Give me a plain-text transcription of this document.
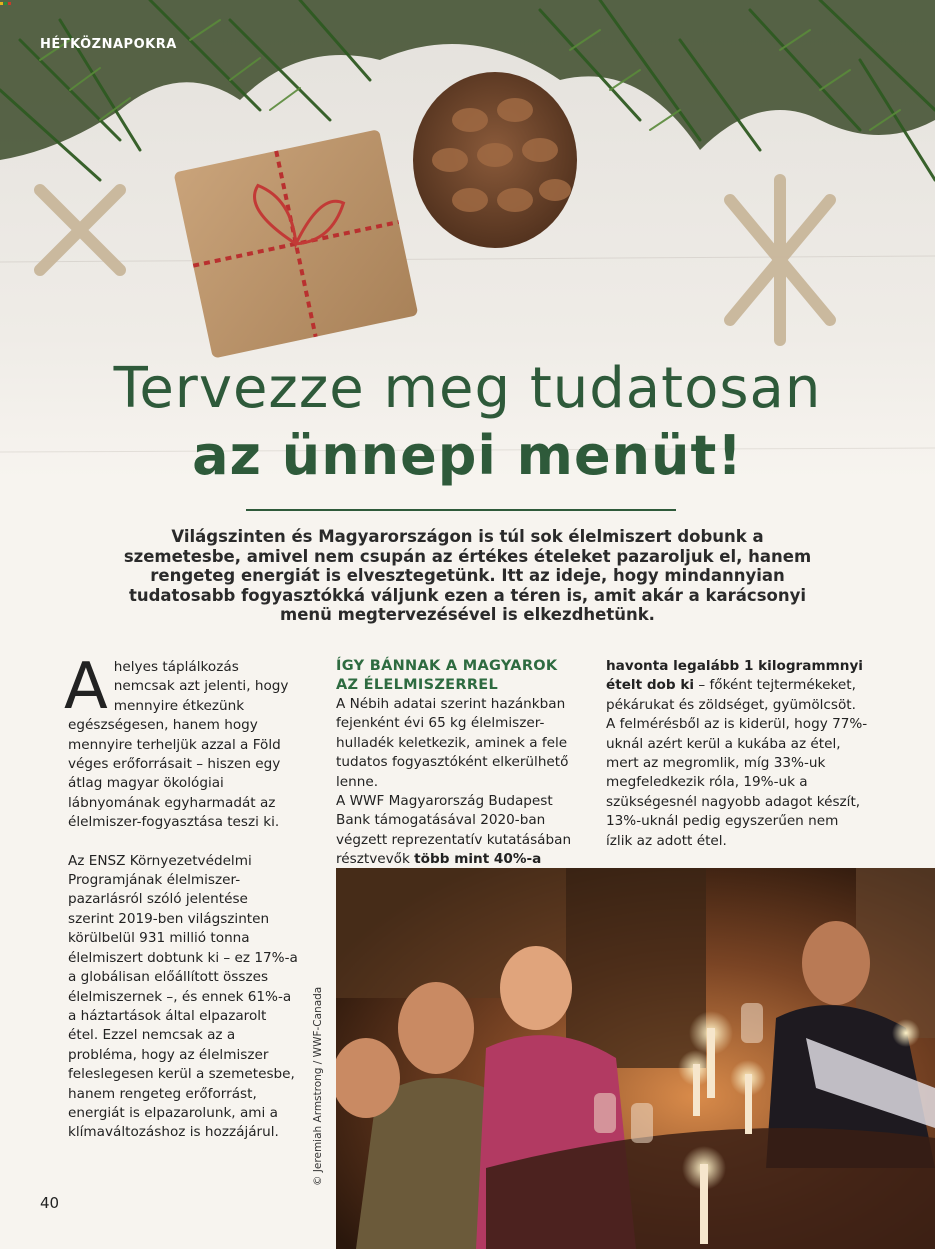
HÉTKÖZNAPOKRA
Tervezze meg tudatosan
az ünnepi menüt!
Világszinten és Magyarországon is túl sok élelmiszert dobunk a szemetesbe, amivel nem csupán az értékes ételeket pazaroljuk el, hanem rengeteg energiát is elvesztegetünk. Itt az ideje, hogy mindannyian tudatosabb fogyasztókká váljunk ezen a téren is, amit akár a karácsonyi menü megtervezésével is elkezdhetünk.

Ahelyes táplálkozás nemcsak azt jelenti, hogy mennyire étkezünk egészségesen, hanem hogy mennyire terheljük azzal a Föld véges erőforrásait – hiszen egy átlag magyar ökológiai lábnyomának egyharmadát az élelmiszer-fogyasztása teszi ki.

Az ENSZ Környezetvédelmi Programjának élelmiszer-pazarlásról szóló jelentése szerint 2019-ben világszinten körülbelül 931 millió tonna élelmiszert dobtunk ki – ez 17%-a a globálisan előállított összes élelmiszernek –, és ennek 61%-a a háztartások által elpazarolt étel. Ezzel nemcsak az a probléma, hogy az élelmiszer feleslegesen kerül a szemetesbe, hanem rengeteg erőforrást, energiát is elpazarolunk, ami a klímaváltozáshoz is hozzájárul.

ÍGY BÁNNAK A MAGYAROK AZ ÉLELMISZERREL

A Nébih adatai szerint hazánkban fejenként évi 65 kg élelmiszer-hulladék keletkezik, aminek a fele tudatos fogyasztóként elkerülhető lenne.

A WWF Magyarország Budapest Bank támogatásával 2020-ban végzett reprezentatív kutatásában résztvevők több mint 40%-a

havonta legalább 1 kilogrammnyi ételt dob ki – főként tejtermékeket, pékárukat és zöldséget, gyümölcsöt. A felmérésből az is kiderül, hogy 77%-uknál azért kerül a kukába az étel, mert az megromlik, míg 33%-uk megfeledkezik róla, 19%-uk a szükségesnél nagyobb adagot készít, 13%-uknál pedig egyszerűen nem ízlik az adott étel.

© Jeremiah Armstrong / WWF-Canada
40
